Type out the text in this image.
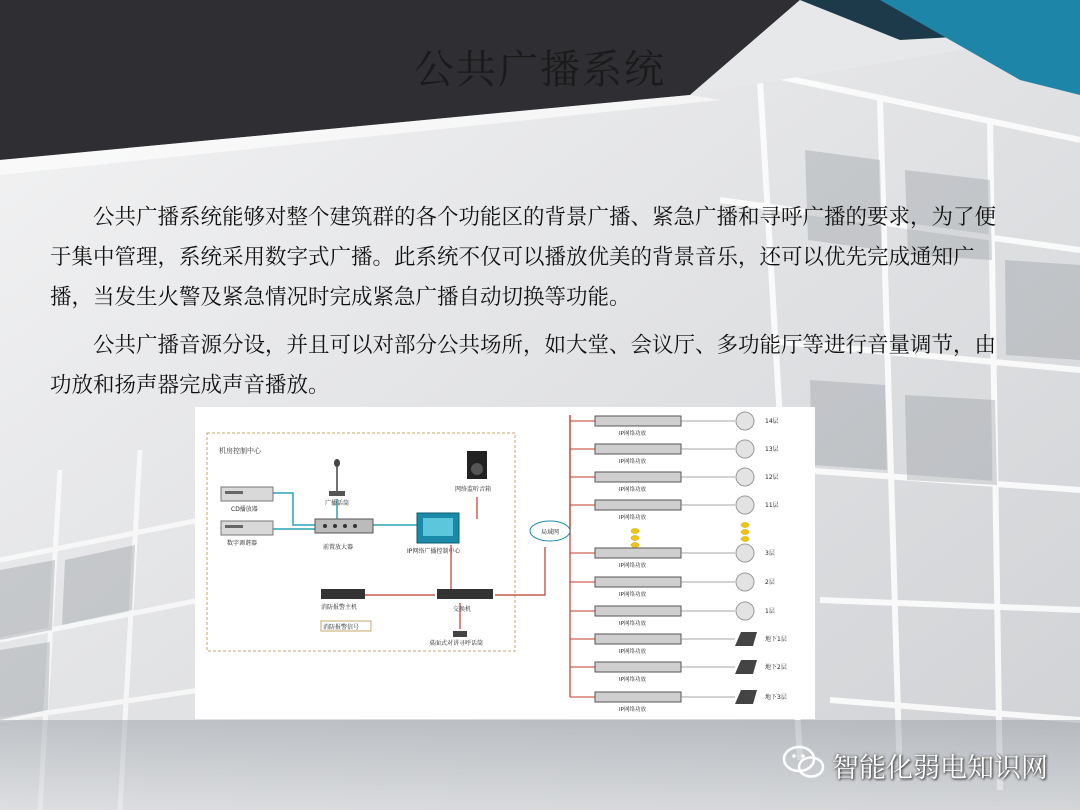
公共广播系统

　　公共广播系统能够对整个建筑群的各个功能区的背景广播、紧急广播和寻呼广播的要求，为了便于集中管理，系统采用数字式广播。此系统不仅可以播放优美的背景音乐，还可以优先完成通知广播，当发生火警及紧急情况时完成紧急广播自动切换等功能。

　　公共广播音源分设，并且可以对部分公共场所，如大堂、会议厅、多功能厅等进行音量调节，由功放和扬声器完成声音播放。

机房控制中心
CD播放器
数字调谐器
广播话筒
前置放大器
IP网络广播控制中心
网络监听音箱
局域网
交换机
消防报警主机
消防报警信号
桌面式对讲寻呼话筒
IP网络功放
14层
IP网络功放
13层
IP网络功放
12层
IP网络功放
11层
IP网络功放
3层
IP网络功放
2层
IP网络功放
1层
IP网络功放
地下1层
IP网络功放
地下2层
IP网络功放
地下3层
智能化弱电知识网
